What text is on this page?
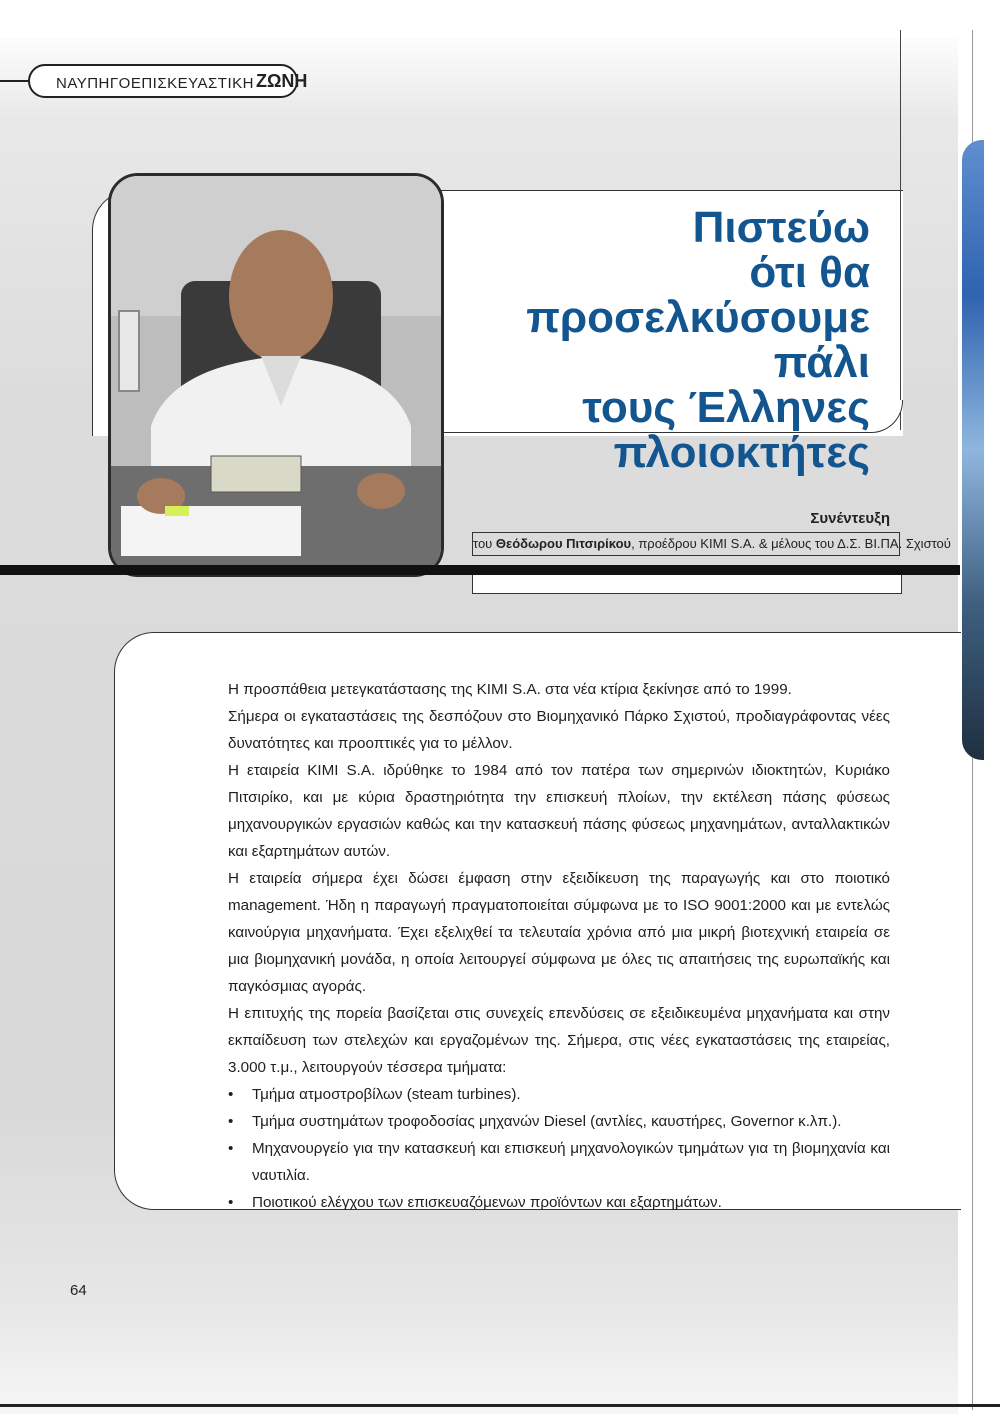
ΝΑΥΠΗΓΟΕΠΙΣΚΕΥΑΣΤΙΚΗ ΖΩΝΗ
Πιστεύω
ότι θα
προσελκύσουμε πάλι
τους Έλληνες
πλοιοκτήτες
Συνέντευξη
του Θεόδωρου Πιτσιρίκου, προέδρου KIMI S.A. & μέλους του Δ.Σ. ΒΙ.ΠΑ. Σχιστού

Η προσπάθεια μετεγκατάστασης της KIMI S.A. στα νέα κτίρια ξεκίνησε από το 1999.

Σήμερα οι εγκαταστάσεις της δεσπόζουν στο Βιομηχανικό Πάρκο Σχιστού, προδιαγράφοντας νέες δυνατότητες και προοπτικές για το μέλλον.

Η εταιρεία KIMI S.A. ιδρύθηκε το 1984 από τον πατέρα των σημερινών ιδιοκτητών, Κυριάκο Πιτσιρίκο, και με κύρια δραστηριότητα την επισκευή πλοίων, την εκτέλεση πάσης φύσεως μηχανουργικών εργασιών καθώς και την κατασκευή πάσης φύσεως μηχανημάτων, ανταλλακτικών και εξαρτημάτων αυτών.

Η εταιρεία σήμερα έχει δώσει έμφαση στην εξειδίκευση της παραγωγής και στο ποιοτικό management. Ήδη η παραγωγή πραγματοποιείται σύμφωνα με το ISO 9001:2000 και με εντελώς καινούργια μηχανήματα. Έχει εξελιχθεί τα τελευταία χρόνια από μια μικρή βιοτεχνική εταιρεία σε μια βιομηχανική μονάδα, η οποία λειτουργεί σύμφωνα με όλες τις απαιτήσεις της ευρωπαϊκής και παγκόσμιας αγοράς.

Η επιτυχής της πορεία βασίζεται στις συνεχείς επενδύσεις σε εξειδικευμένα μηχανήματα και στην εκπαίδευση των στελεχών και εργαζομένων της. Σήμερα, στις νέες εγκαταστάσεις της εταιρείας, 3.000 τ.μ., λειτουργούν τέσσερα τμήματα:

• Τμήμα ατμοστροβίλων (steam turbines).
• Τμήμα συστημάτων τροφοδοσίας μηχανών Diesel (αντλίες, καυστήρες, Governor κ.λπ.).
• Μηχανουργείο για την κατασκευή και επισκευή μηχανολογικών τμημάτων για τη βιομηχανία και ναυτιλία.
• Ποιοτικού ελέγχου των επισκευαζόμενων προϊόντων και εξαρτημάτων.
64
